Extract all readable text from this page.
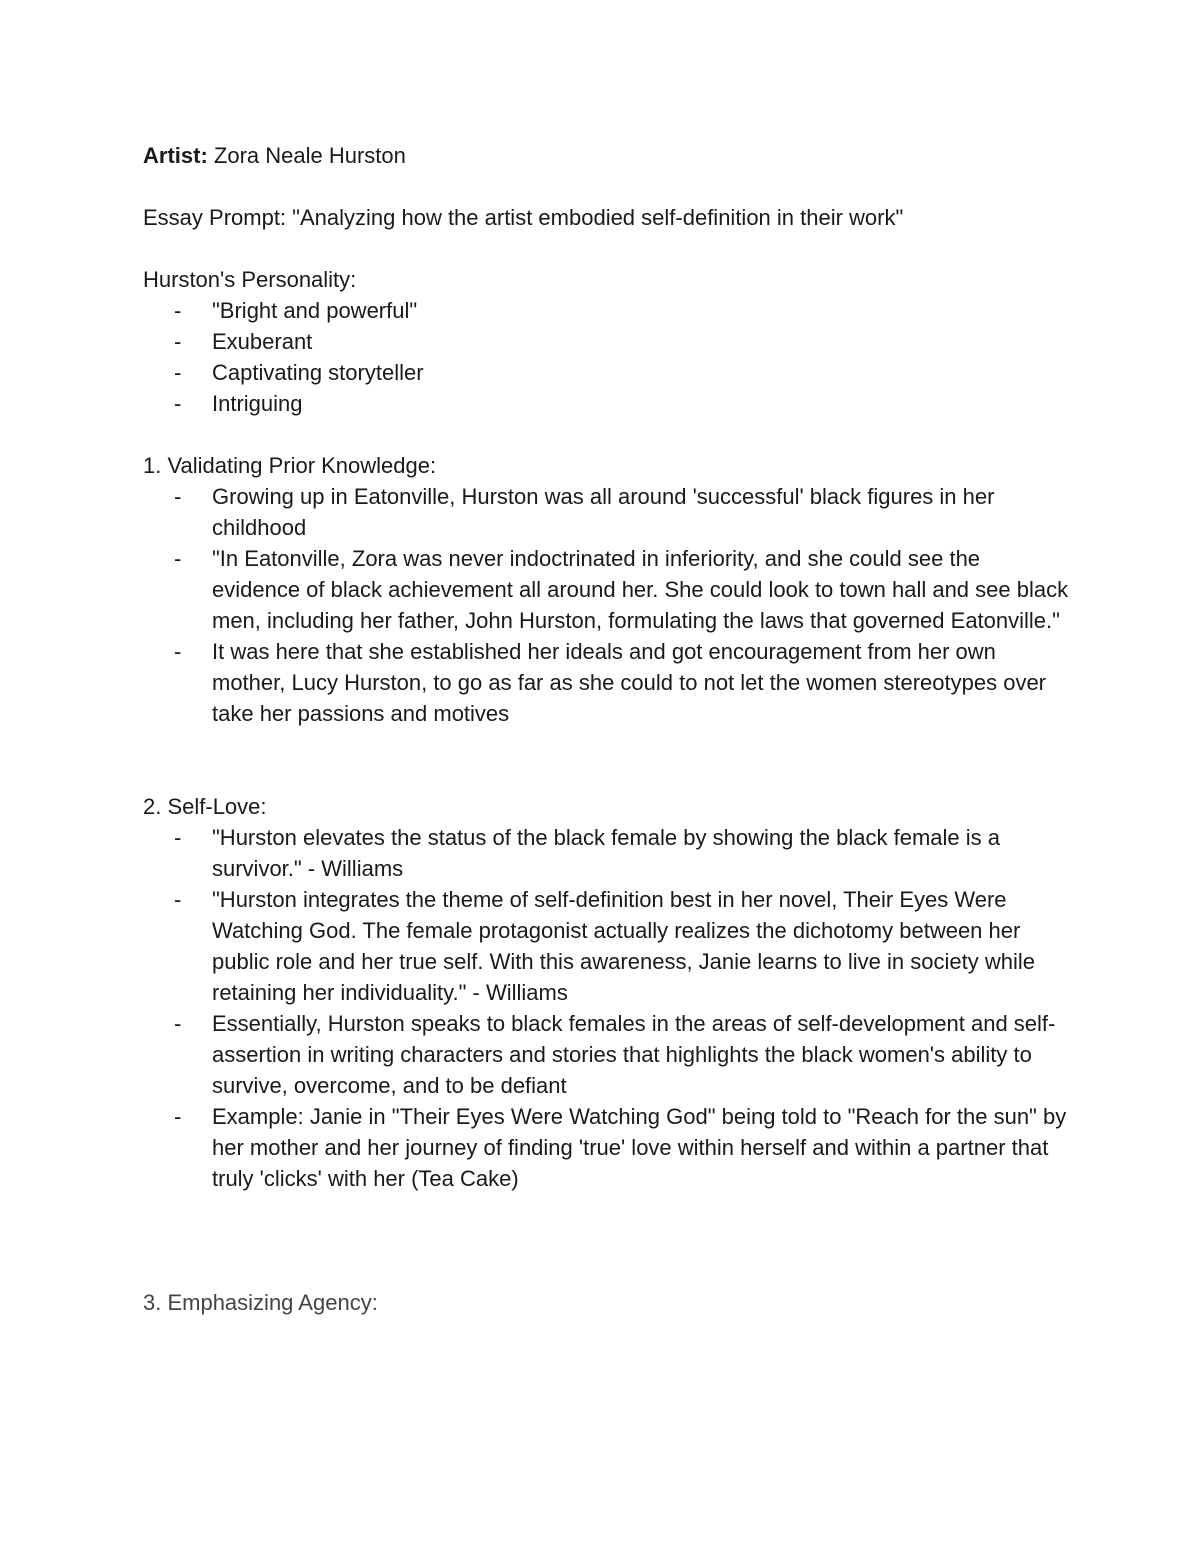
Artist: Zora Neale Hurston

Essay Prompt: "Analyzing how the artist embodied self-definition in their work"

Hurston's Personality:

- "Bright and powerful"
- Exuberant
- Captivating storyteller
- Intriguing

1. Validating Prior Knowledge:

- Growing up in Eatonville, Hurston was all around 'successful' black figures in her childhood
- "In Eatonville, Zora was never indoctrinated in inferiority, and she could see the evidence of black achievement all around her. She could look to town hall and see black men, including her father, John Hurston, formulating the laws that governed Eatonville."
- It was here that she established her ideals and got encouragement from her own mother, Lucy Hurston, to go as far as she could to not let the women stereotypes over take her passions and motives

2. Self-Love:

- "Hurston elevates the status of the black female by showing the black female is a survivor." - Williams
- "Hurston integrates the theme of self-definition best in her novel, Their Eyes Were Watching God. The female protagonist actually realizes the dichotomy between her public role and her true self. With this awareness, Janie learns to live in society while retaining her individuality." - Williams
- Essentially, Hurston speaks to black females in the areas of self-development and self-assertion in writing characters and stories that highlights the black women's ability to survive, overcome, and to be defiant
- Example: Janie in "Their Eyes Were Watching God" being told to "Reach for the sun" by her mother and her journey of finding 'true' love within herself and within a partner that truly 'clicks' with her (Tea Cake)

3. Emphasizing Agency:
